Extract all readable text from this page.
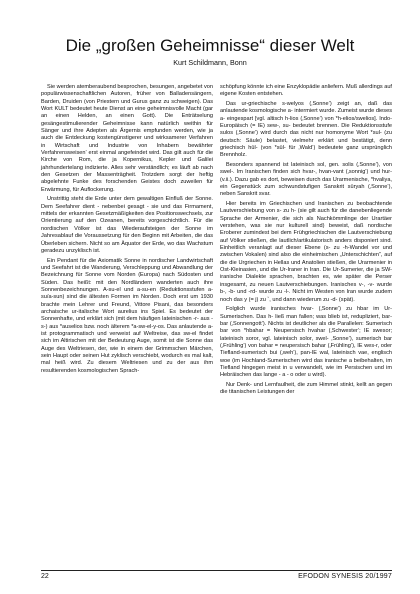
Die „großen Geheimnisse“ dieser Welt
Kurt Schildmann, Bonn

Sie werden atemberaubend besprochen, besungen, angebetet von populärwissenschaftlichen Autoren, früher von Balladensängern, Barden, Druiden (von Priestern und Gurus ganz zu schweigen). Das Wort KULT bedeutet heute Dienst an eine geheimnisvolle Macht (gar an einen Helden, an einen Gott). Die Enträtselung gesängestimulierender Geheimnisse kann natürlich weithin für Sänger und ihre Adepten als Ärgernis empfunden werden, wie ja auch die Entdeckung kostengünstigerer und wirksamerer Verfahren in Wirtschaft und Industrie von Inhabern bewährter Verfahrensweisen‘ erst einmal angefeindet wird. Das gilt auch für die Kirche von Rom, die ja Kopernikus, Kepler und Galilei jahrhundertelang indizierte. Alles sehr verständlich; es läuft ab nach den Gesetzen der Massenträgheit. Trotzdem sorgt der heftig abgelehnte Funke des forschenden Geistes doch zuweilen für Erwärmung, für Auflockerung.

Unstrittig steht die Erde unter dem gewaltigen Einfluß der Sonne. Dem Seefahrer dient - nebenbei gesagt - sie und das Firmament, mittels der erkannten Gesetzmäßigkeiten des Positionswechsels, zur Orientierung auf den Ozeanen, bereits vorgeschichtlich. Für die nordischen Völker ist das Wiederaufsteigen der Sonne im Jahresablauf die Voraussetzung für den Beginn mit Arbeiten, die das Überleben sichern. Nicht so am Äquator der Erde, wo das Wachstum geradezu unzyklisch ist.

Ein Pendant für die Axiomatik Sonne in nordischer Landwirtschaft und Seefahrt ist die Wanderung, Verschleppung und Abwandlung der Bezeichnung für Sonne vom Norden (Europa) nach Südosten und Süden. Das heißt: mit den Nordländern wanderten auch ihre Sonnenbezeichnungen. A-su-el und a-su-en (Reduktionsstufen a-su/a-sun) sind die ältesten Formen im Norden. Doch erst um 1930 brachte mein Lehrer und Freund, Vittore Pisani, das besonders archaische ur-italische Wort aurelius ins Spiel. Es bedeutet der Sonnenhafte, und erklärt sich (mit dem häufigen lateinischen -r- aus -s-) aus *auselios bzw. noch älterem *a-sw-el-y-os. Das anlautende a- ist protogrammatisch und verweist auf Weltreise, das sw-el findet sich im Altirischen mit der Bedeutung Auge, somit ist die Sonne das Auge des Weltriesen, der, wie in einem der Grimmschen Märchen, sein Haupt oder seinen Hut zyklisch verschiebt, wodurch es mal kalt, mal heiß wird. Zu diesem Weltriesen und zu der aus ihm resultierenden kosmologischen Sprach-

schöpfung könnte ich eine Enzyklopädie anliefern. Muß allerdings auf eigene Kosten entstehen.

Das ur-griechische s-welyos (‚Sonne‘) zeigt an, daß das anlautende kosmologische a- intermiert wurde. Zumeist wurde dieses a- eingespart [vgl. altisch h-lios (‚Sonne‘) von *h-elios/swelios]. Indo-Europäisch (= IE) sew-, su- bedeutet brennen. Die Reduktionsstufe sulos (‚Sonne‘) wird durch das nicht nur homonyme Wort *sul- (zu deutsch: Säule) belastet, vielmehr erklärt und bestätigt, denn griechisch hūl- (von *sūl- für ‚Wald‘) bedeutete ganz ursprünglich Brennholz.

Besonders spannend ist lateinisch sol, gen. solis (‚Sonne‘), von swel-. Im Iranischen finden sich hvar-, hvan-vant (‚sonnig‘) und hur- (v.ii.). Dazu gab es dort, beweisen durch das Urarmenische, *hvaliya, ein Gegenstück zum schwundstufigen Sanskrit sūryah (‚Sonne‘), neben Sanskrit svar.

Hier bereits im Griechischen und Iranischen zu beobachtende Lautverschiebung von s- zu h- (sie gilt auch für die danebenliegende Sprache der Armenier, die sich als Nachkömmlinge der Urartäer verstehen, was sie nur kulturell sind) beweist, daß nordische Eroberer zumindest bei dem Frühgriechischen die Lautverschiebung auf Völker stießen, die lautlich/artikulatorisch anders disponiert sind. Einheitlich veranlagt auf dieser Ebene (s- zu -h-Wandel vor und zwischen Vokalen) sind also die einheimischen „Unterschichten“, auf die die Urgriechen in Hellas und Anatolien stießen, die Urarmenier in Ost-Kleinasien, und die Ur-Iraner in Iran. Die Ur-Sumerier, die ja SW-iranische Dialekte sprachen, brachten es, wie später die Perser insgesamt, zu neuen Lautverschiebungen. Iranisches v-, -v- wurde b-, -b- und -rd- wurde zu -l-. Nicht im Westen von Iran wurde zudem noch das y (= j) zu ˇ, und dann wiederum zu -d- (spät).

Folglich wurde iranisches hvar- (‚Sonne‘) zu hbar im Ur-Sumerischen. Das h- ließ man fallen; was blieb ist, redupliziert, bar-bar (‚Sonnengott‘). Nichts ist deutlicher als die Parallelen: Sumerisch bar von *hbahar = Neupersisch hvahar (‚Schwester‘; IE swesor; lateinisch soror, vgl. lateinisch solor, swel- ‚Sonne‘), sumerisch bar (‚Frühling‘) von bahar = neupersisch bahar (‚Frühling‘), IE wes-r, oder Tiefland-sumerisch bui (‚weh‘), pan-IE wal, lateinisch vae, englisch woe (im Hochland-Sumerischen wird das iranische a beibehalten, im Tiefland hingegen meist in u verwandelt, wie im Persischen und im Hebräischen das lange - a - o oder u wird).

Nur Denk- und Lernfaulheit, die zum Himmel stinkt, kellt an gegen die titanischen Leistungen der

22	EFODON SYNESIS 20/1997
